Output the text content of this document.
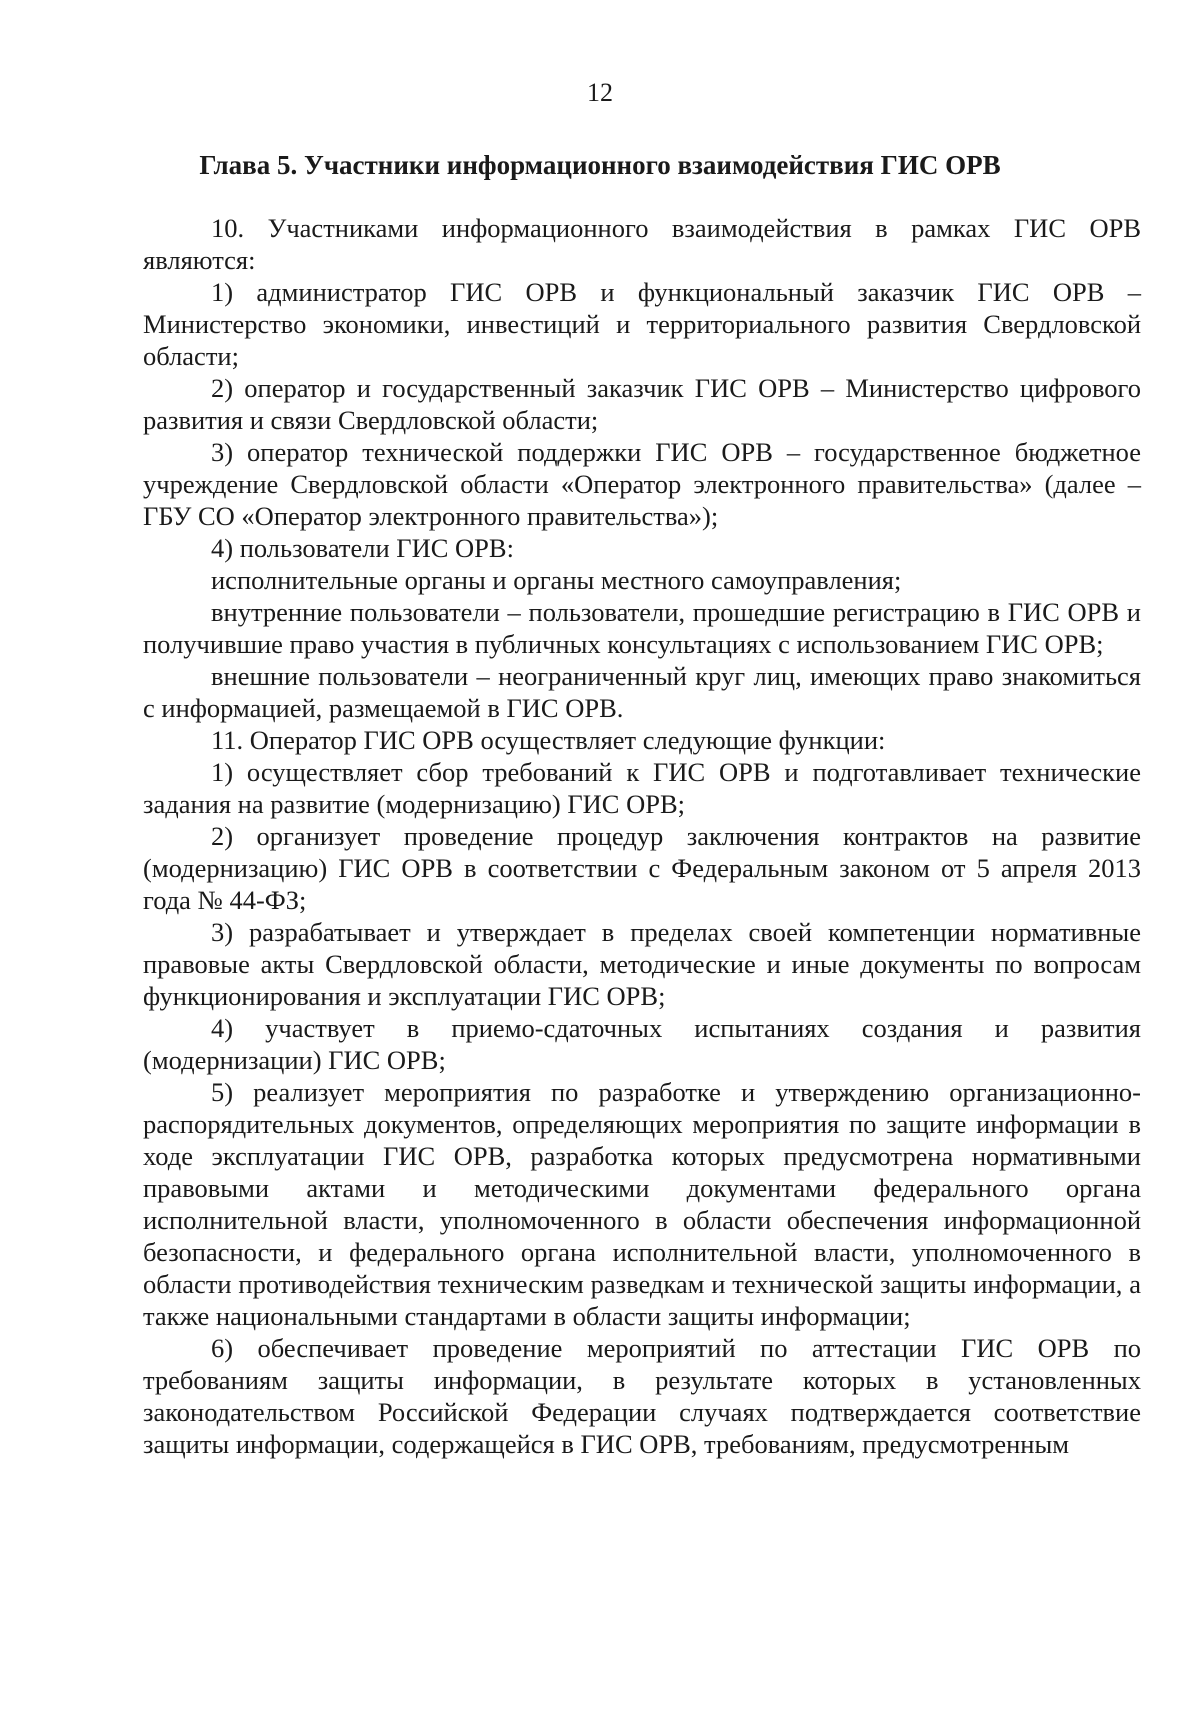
12
Глава 5. Участники информационного взаимодействия ГИС ОРВ

10. Участниками информационного взаимодействия в рамках ГИС ОРВ являются:

1) администратор ГИС ОРВ и функциональный заказчик ГИС ОРВ – Министерство экономики, инвестиций и территориального развития Свердловской области;

2) оператор и государственный заказчик ГИС ОРВ – Министерство цифрового развития и связи Свердловской области;

3) оператор технической поддержки ГИС ОРВ – государственное бюджетное учреждение Свердловской области «Оператор электронного правительства» (далее – ГБУ СО «Оператор электронного правительства»);

4) пользователи ГИС ОРВ:

исполнительные органы и органы местного самоуправления;

внутренние пользователи – пользователи, прошедшие регистрацию в ГИС ОРВ и получившие право участия в публичных консультациях с использованием ГИС ОРВ;

внешние пользователи – неограниченный круг лиц, имеющих право знакомиться с информацией, размещаемой в ГИС ОРВ.

11. Оператор ГИС ОРВ осуществляет следующие функции:

1) осуществляет сбор требований к ГИС ОРВ и подготавливает технические задания на развитие (модернизацию) ГИС ОРВ;

2) организует проведение процедур заключения контрактов на развитие (модернизацию) ГИС ОРВ в соответствии с Федеральным законом от 5 апреля 2013 года № 44-ФЗ;

3) разрабатывает и утверждает в пределах своей компетенции нормативные правовые акты Свердловской области, методические и иные документы по вопросам функционирования и эксплуатации ГИС ОРВ;

4) участвует в приемо-сдаточных испытаниях создания и развития (модернизации) ГИС ОРВ;

5) реализует мероприятия по разработке и утверждению организационно-распорядительных документов, определяющих мероприятия по защите информации в ходе эксплуатации ГИС ОРВ, разработка которых предусмотрена нормативными правовыми актами и методическими документами федерального органа исполнительной власти, уполномоченного в области обеспечения информационной безопасности, и федерального органа исполнительной власти, уполномоченного в области противодействия техническим разведкам и технической защиты информации, а также национальными стандартами в области защиты информации;

6) обеспечивает проведение мероприятий по аттестации ГИС ОРВ по требованиям защиты информации, в результате которых в установленных законодательством Российской Федерации случаях подтверждается соответствие защиты информации, содержащейся в ГИС ОРВ, требованиям, предусмотренным
